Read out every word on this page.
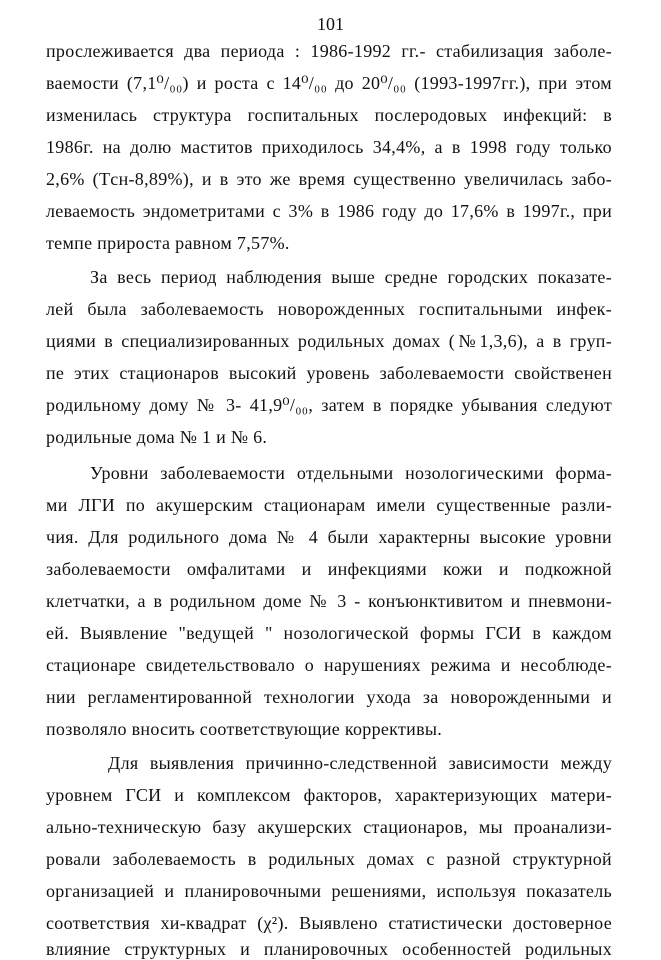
101
прослеживается два периода : 1986-1992 гг.- стабилизация заболе-
ваемости (7,1⁰/₀₀) и роста с 14⁰/₀₀ до 20⁰/₀₀ (1993-1997гг.), при этом
изменилась структура госпитальных послеродовых инфекций: в
1986г. на долю маститов приходилось 34,4%, а в 1998 году только
2,6% (Tсн-8,89%), и в это же время существенно увеличилась забо-
леваемость эндометритами с 3% в 1986 году до 17,6% в 1997г., при
темпе прироста равном 7,57%.
За весь период наблюдения выше средне городских показате-
лей была заболеваемость новорожденных госпитальными инфек-
циями в специализированных родильных домах (№1,3,6), а в груп-
пе этих стационаров высокий уровень заболеваемости свойственен
родильному дому № 3- 41,9⁰/₀₀, затем в порядке убывания следуют
родильные дома № 1 и № 6.
Уровни заболеваемости отдельными нозологическими форма-
ми ЛГИ по акушерским стационарам имели существенные разли-
чия. Для родильного дома № 4 были характерны высокие уровни
заболеваемости омфалитами и инфекциями кожи и подкожной
клетчатки, а в родильном доме № 3 - конъюнктивитом и пневмони-
ей. Выявление "ведущей " нозологической формы ГСИ в каждом
стационаре свидетельствовало о нарушениях режима и несоблюде-
нии регламентированной технологии ухода за новорожденными и
позволяло вносить соответствующие коррективы.
Для выявления причинно-следственной зависимости между
уровнем ГСИ и комплексом факторов, характеризующих матери-
ально-техническую базу акушерских стационаров, мы проанализи-
ровали заболеваемость в родильных домах с разной структурной
организацией и планировочными решениями, используя показатель
соответствия хи-квадрат (χ²). Выявлено статистически достоверное
влияние структурных и планировочных особенностей родильных
